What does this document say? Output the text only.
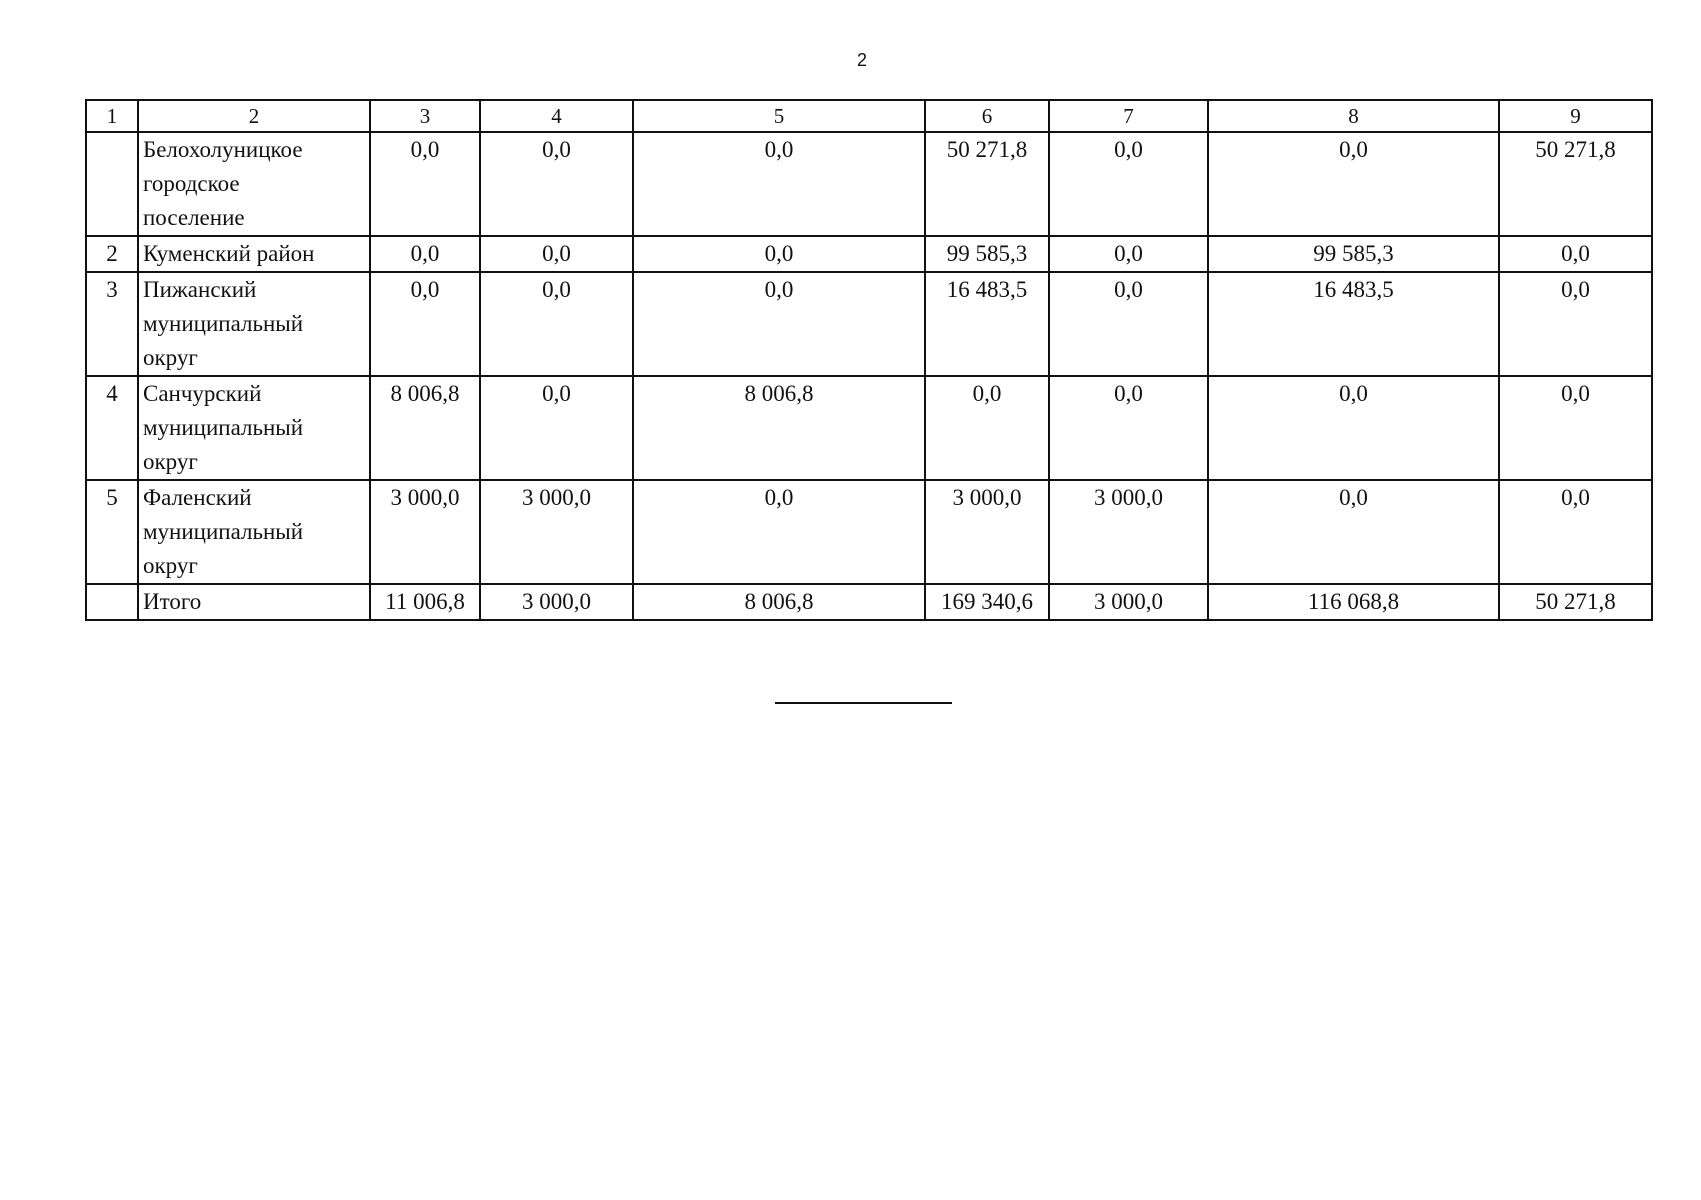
2
1	2	3	4	5	6	7	8	9

	Белохолуницкое
городское
поселение	0,0	0,0	0,0	50 271,8	0,0	0,0	50 271,8
2	Куменский район	0,0	0,0	0,0	99 585,3	0,0	99 585,3	0,0
3	Пижанский
муниципальный
округ	0,0	0,0	0,0	16 483,5	0,0	16 483,5	0,0
4	Санчурский
муниципальный
округ	8 006,8	0,0	8 006,8	0,0	0,0	0,0	0,0
5	Фаленский
муниципальный
округ	3 000,0	3 000,0	0,0	3 000,0	3 000,0	0,0	0,0

	Итого	11 006,8	3 000,0	8 006,8	169 340,6	3 000,0	116 068,8	50 271,8
